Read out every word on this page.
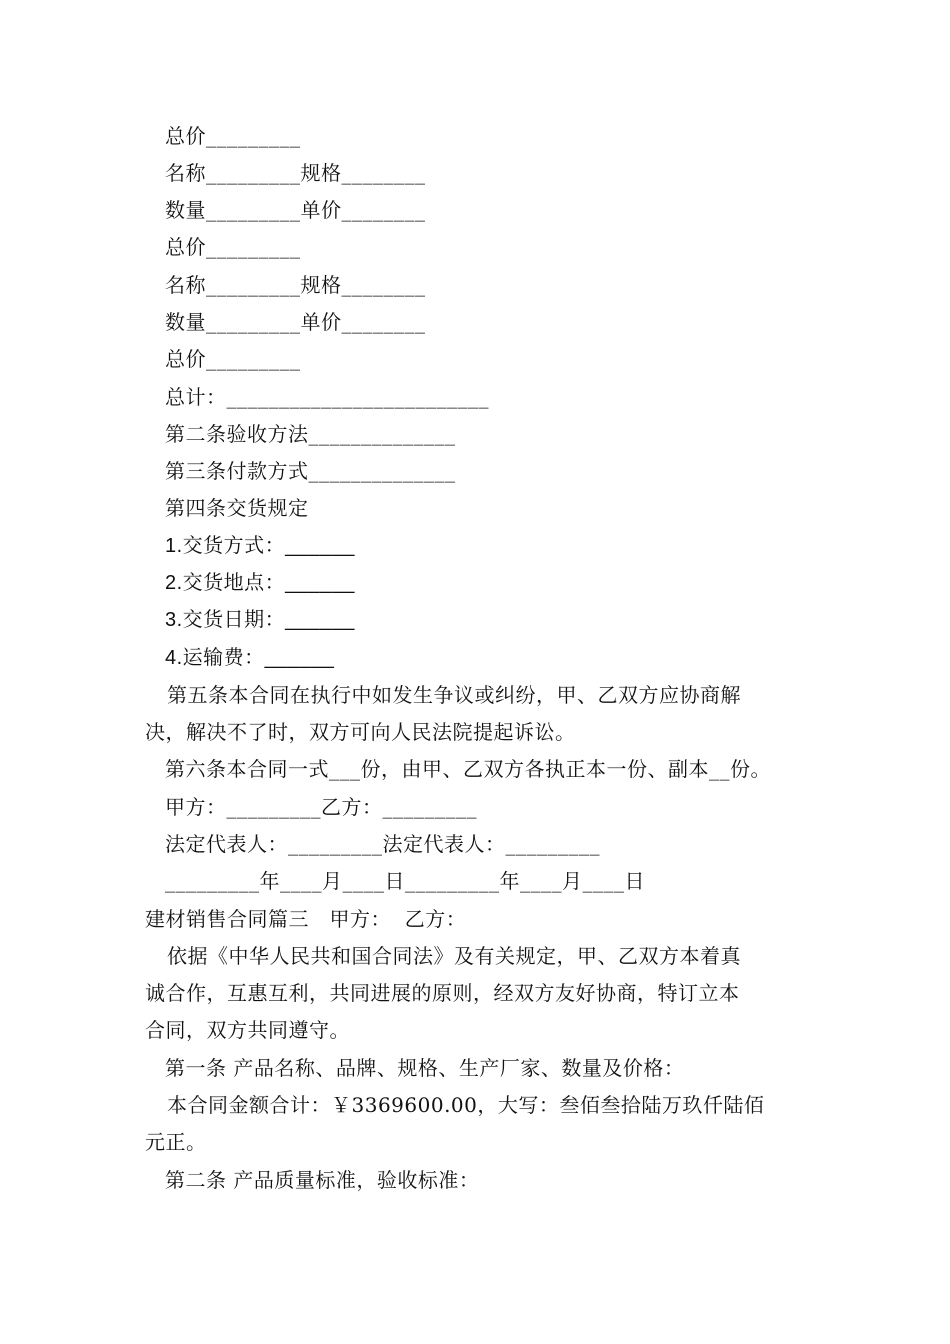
总价_________
名称_________规格________
数量_________单价________
总价_________
名称_________规格________
数量_________单价________
总价_________
总计：_________________________
第二条验收方法______________
第三条付款方式______________
第四条交货规定
1.交货方式：______
2.交货地点：______
3.交货日期：______
4.运输费：______
第五条本合同在执行中如发生争议或纠纷，甲、乙双方应协商解
决，解决不了时，双方可向人民法院提起诉讼。
第六条本合同一式___份，由甲、乙双方各执正本一份、副本__份。
甲方：_________乙方：_________
法定代表人：_________法定代表人：_________
_________年____月____日_________年____月____日
建材销售合同篇三　甲方：  乙方：
依据《中华人民共和国合同法》及有关规定，甲、乙双方本着真
诚合作，互惠互利，共同进展的原则，经双方友好协商，特订立本
合同，双方共同遵守。
第一条 产品名称、品牌、规格、生产厂家、数量及价格：
本合同金额合计：￥3369600.00，大写：叁佰叁拾陆万玖仟陆佰
元正。
第二条 产品质量标准，验收标准：
